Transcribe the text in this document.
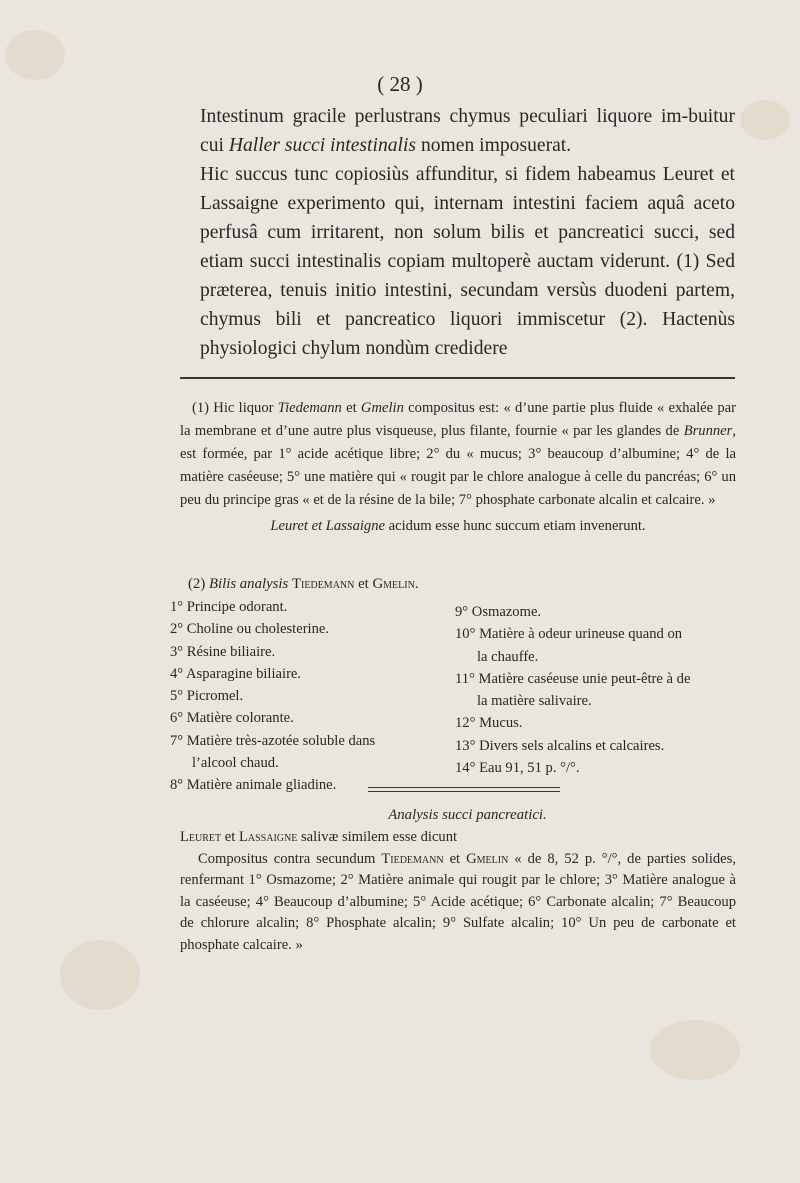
( 28 )

Intestinum gracile perlustrans chymus peculiari liquore im-buitur cui Haller succi intestinalis nomen imposuerat.

Hic succus tunc copiosiùs affunditur, si fidem habeamus Leuret et Lassaigne experimento qui, internam intestini faciem aquâ aceto perfusâ cum irritarent, non solum bilis et pancreatici succi, sed etiam succi intestinalis copiam multoperè auctam viderunt. (1) Sed præterea, tenuis initio intestini, secundam versùs duodeni partem, chymus bili et pancreatico liquori immiscetur (2). Hactenùs physiologici chylum nondùm credidere

(1) Hic liquor Tiedemann et Gmelin compositus est: « d’une partie plus fluide « exhalée par la membrane et d’une autre plus visqueuse, plus filante, fournie « par les glandes de Brunner, est formée, par 1° acide acétique libre; 2° du « mucus; 3° beaucoup d’albumine; 4° de la matière caséeuse; 5° une matière qui « rougit par le chlore analogue à celle du pancréas; 6° un peu du principe gras « et de la résine de la bile; 7° phosphate carbonate alcalin et calcaire. »

Leuret et Lassaigne acidum esse hunc succum etiam invenerunt.

(2) Bilis analysis Tiedemann et Gmelin.
1° Principe odorant.
2° Choline ou cholesterine.
3° Résine biliaire.
4° Asparagine biliaire.
5° Picromel.
6° Matière colorante.
7° Matière très-azotée soluble dans
l’alcool chaud.
8° Matière animale gliadine.
9° Osmazome.
10° Matière à odeur urineuse quand on
la chauffe.
11° Matière caséeuse unie peut-être à de
la matière salivaire.
12° Mucus.
13° Divers sels alcalins et calcaires.
14° Eau 91, 51 p. °/°.
Analysis succi pancreatici.

Leuret et Lassaigne salivæ similem esse dicunt

Compositus contra secundum Tiedemann et Gmelin « de 8, 52 p. °/°, de parties solides, renfermant 1° Osmazome; 2° Matière animale qui rougit par le chlore; 3° Matière analogue à la caséeuse; 4° Beaucoup d’albumine; 5° Acide acétique; 6° Carbonate alcalin; 7° Beaucoup de chlorure alcalin; 8° Phosphate alcalin; 9° Sulfate alcalin; 10° Un peu de carbonate et phosphate calcaire. »
